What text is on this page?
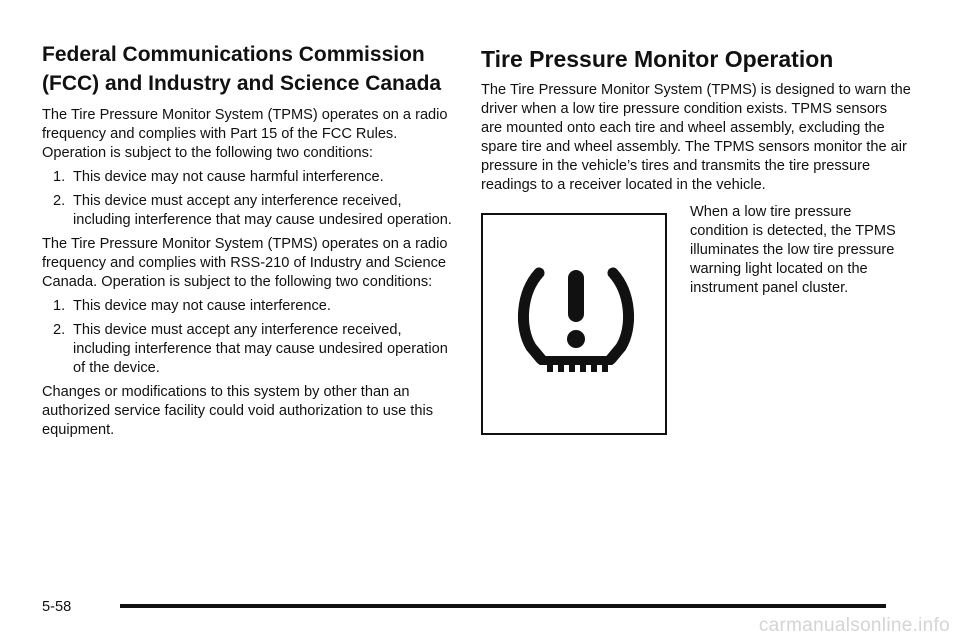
Federal Communications Commission (FCC) and Industry and Science Canada

The Tire Pressure Monitor System (TPMS) operates on a radio frequency and complies with Part 15 of the FCC Rules. Operation is subject to the following two conditions:

1. This device may not cause harmful interference.
2. This device must accept any interference received, including interference that may cause undesired operation.

The Tire Pressure Monitor System (TPMS) operates on a radio frequency and complies with RSS-210 of Industry and Science Canada. Operation is subject to the following two conditions:

1. This device may not cause interference.
2. This device must accept any interference received, including interference that may cause undesired operation of the device.

Changes or modifications to this system by other than an authorized service facility could void authorization to use this equipment.

Tire Pressure Monitor Operation

The Tire Pressure Monitor System (TPMS) is designed to warn the driver when a low tire pressure condition exists. TPMS sensors are mounted onto each tire and wheel assembly, excluding the spare tire and wheel assembly. The TPMS sensors monitor the air pressure in the vehicle’s tires and transmits the tire pressure readings to a receiver located in the vehicle.

When a low tire pressure condition is detected, the TPMS illuminates the low tire pressure warning light located on the instrument panel cluster.
5-58
carmanualsonline.info
